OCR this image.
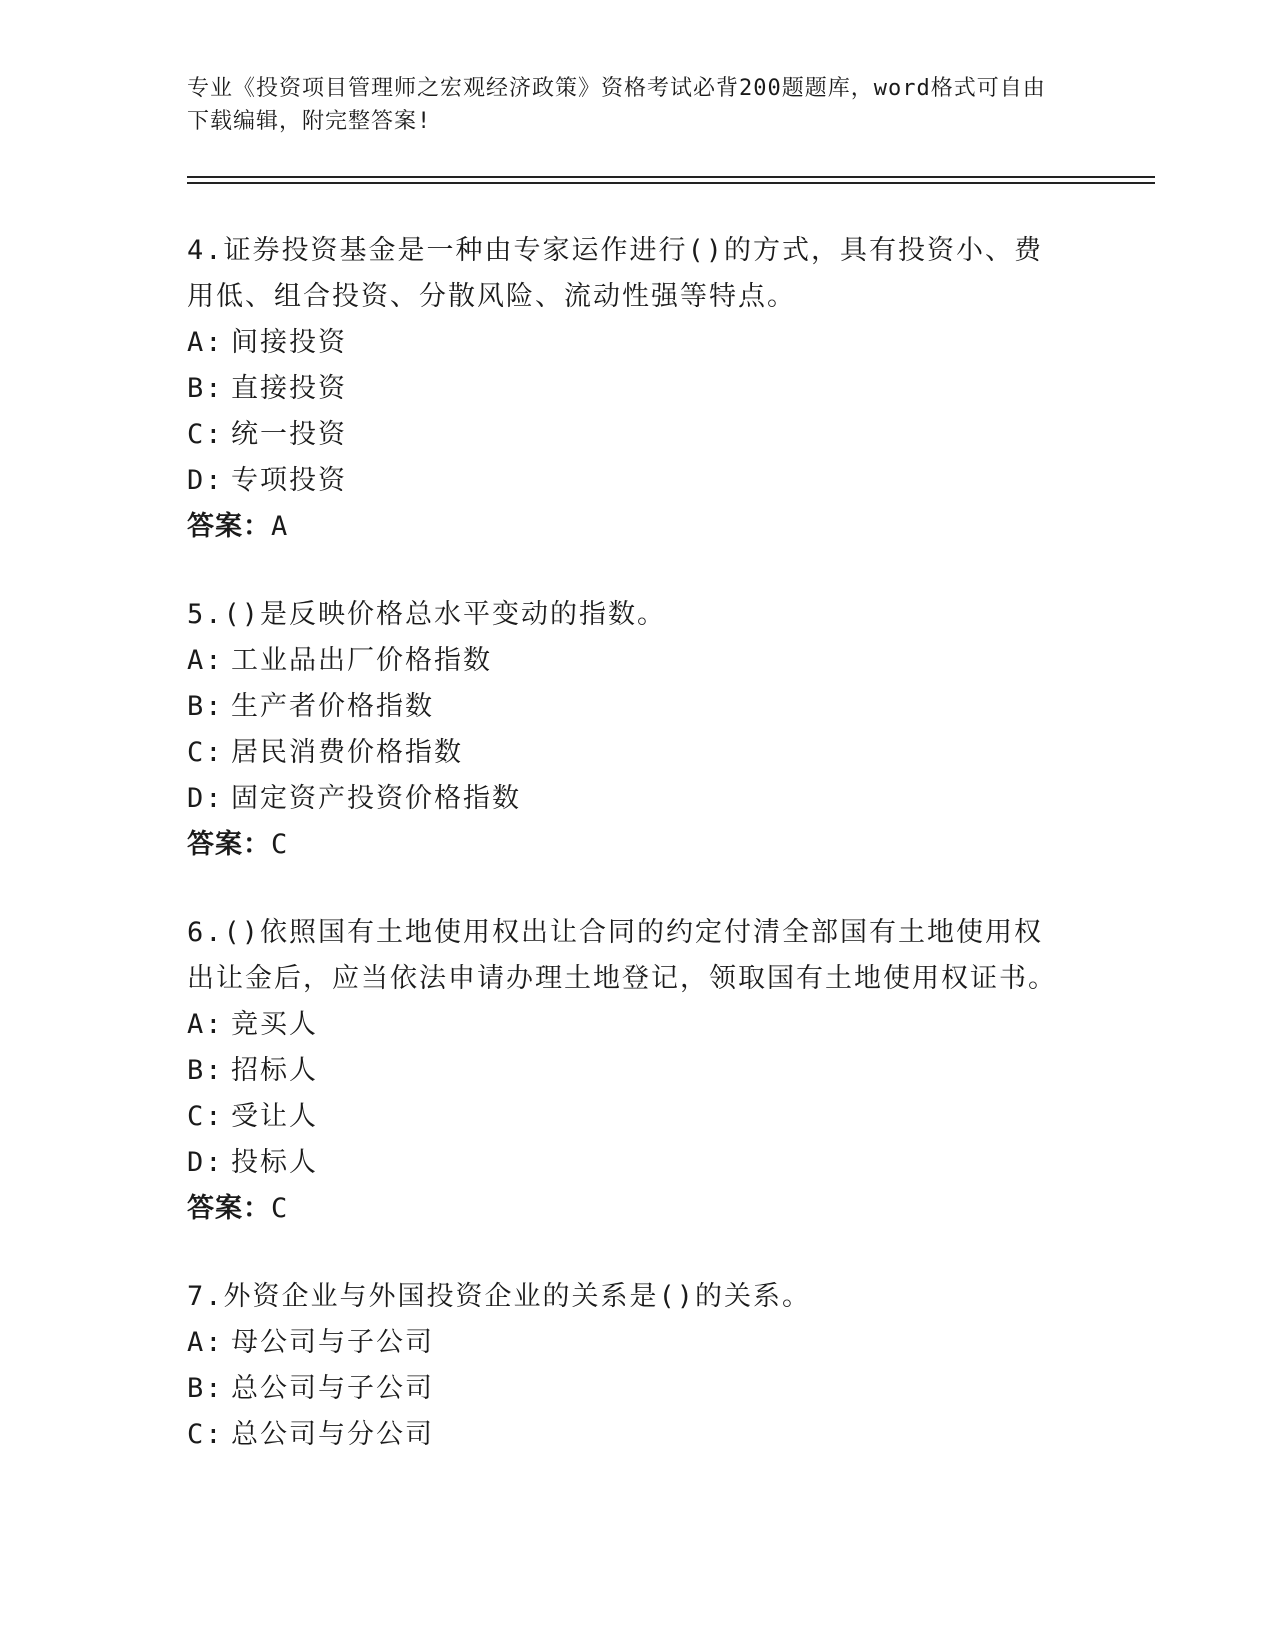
专业《投资项目管理师之宏观经济政策》资格考试必背200题题库，word格式可自由下载编辑，附完整答案!

4.证券投资基金是一种由专家运作进行()的方式，具有投资小、费用低、组合投资、分散风险、流动性强等特点。

A: 间接投资
B: 直接投资
C: 统一投资
D: 专项投资
答案：A

5.()是反映价格总水平变动的指数。

A: 工业品出厂价格指数
B: 生产者价格指数
C: 居民消费价格指数
D: 固定资产投资价格指数
答案：C

6.()依照国有土地使用权出让合同的约定付清全部国有土地使用权出让金后，应当依法申请办理土地登记，领取国有土地使用权证书。

A: 竞买人
B: 招标人
C: 受让人
D: 投标人
答案：C

7.外资企业与外国投资企业的关系是()的关系。

A: 母公司与子公司
B: 总公司与子公司
C: 总公司与分公司
